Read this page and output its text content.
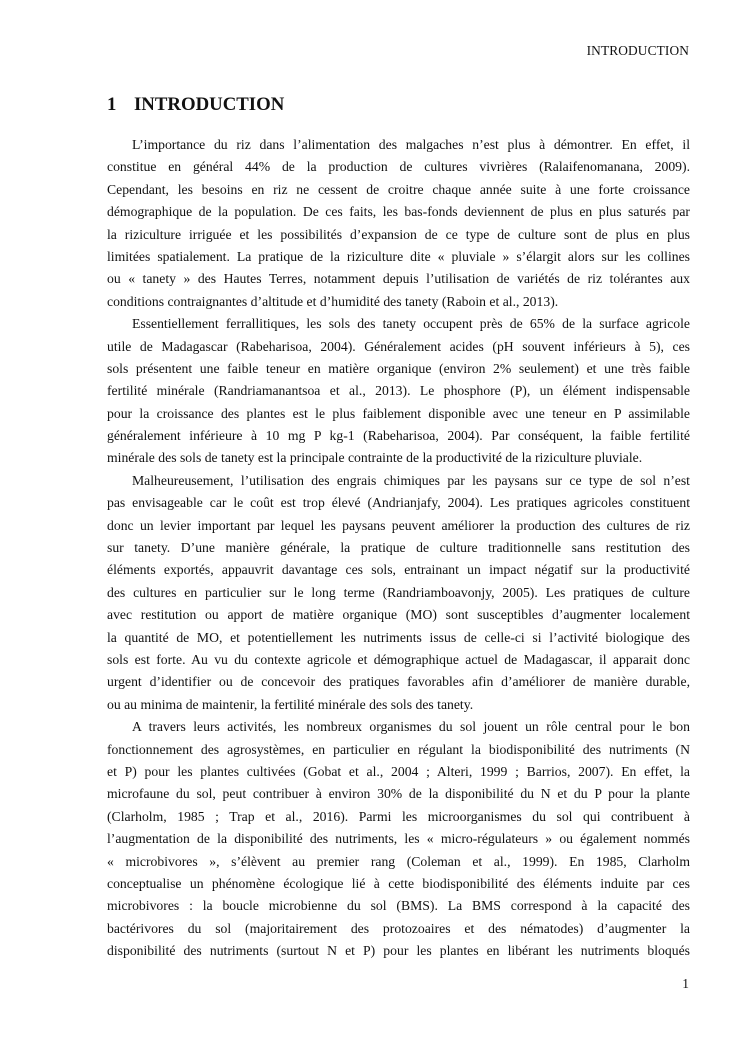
INTRODUCTION
1 INTRODUCTION
L’importance du riz dans l’alimentation des malgaches n’est plus à démontrer. En effet, il
constitue en général 44% de la production de cultures vivrières (Ralaifenomanana, 2009).
Cependant, les besoins en riz ne cessent de croitre chaque année suite à une forte croissance
démographique de la population. De ces faits, les bas-fonds deviennent de plus en plus saturés par
la riziculture irriguée et les possibilités d’expansion de ce type de culture sont de plus en plus
limitées spatialement. La pratique de la riziculture dite « pluviale » s’élargit alors sur les collines
ou « tanety » des Hautes Terres, notamment depuis l’utilisation de variétés de riz tolérantes aux
conditions contraignantes d’altitude et d’humidité des tanety (Raboin et al., 2013).
Essentiellement ferrallitiques, les sols des tanety occupent près de 65% de la surface agricole
utile de Madagascar (Rabeharisoa, 2004). Généralement acides (pH souvent inférieurs à 5), ces
sols présentent une faible teneur en matière organique (environ 2% seulement) et une très faible
fertilité minérale (Randriamanantsoa et al., 2013). Le phosphore (P), un élément indispensable
pour la croissance des plantes est le plus faiblement disponible avec une teneur en P assimilable
généralement inférieure à 10 mg P kg-1 (Rabeharisoa, 2004). Par conséquent, la faible fertilité
minérale des sols de tanety est la principale contrainte de la productivité de la riziculture pluviale.
Malheureusement, l’utilisation des engrais chimiques par les paysans sur ce type de sol n’est
pas envisageable car le coût est trop élevé (Andrianjafy, 2004). Les pratiques agricoles constituent
donc un levier important par lequel les paysans peuvent améliorer la production des cultures de riz
sur tanety. D’une manière générale, la pratique de culture traditionnelle sans restitution des
éléments exportés, appauvrit davantage ces sols, entrainant un impact négatif sur la productivité
des cultures en particulier sur le long terme (Randriamboavonjy, 2005). Les pratiques de culture
avec restitution ou apport de matière organique (MO) sont susceptibles d’augmenter localement
la quantité de MO, et potentiellement les nutriments issus de celle-ci si l’activité biologique des
sols est forte. Au vu du contexte agricole et démographique actuel de Madagascar, il apparait donc
urgent d’identifier ou de concevoir des pratiques favorables afin d’améliorer de manière durable,
ou au minima de maintenir, la fertilité minérale des sols des tanety.
A travers leurs activités, les nombreux organismes du sol jouent un rôle central pour le bon
fonctionnement des agrosystèmes, en particulier en régulant la biodisponibilité des nutriments (N
et P) pour les plantes cultivées (Gobat et al., 2004 ; Alteri, 1999 ; Barrios, 2007). En effet, la
microfaune du sol, peut contribuer à environ 30% de la disponibilité du N et du P pour la plante
(Clarholm, 1985 ; Trap et al., 2016). Parmi les microorganismes du sol qui contribuent à
l’augmentation de la disponibilité des nutriments, les « micro-régulateurs » ou également nommés
« microbivores », s’élèvent au premier rang (Coleman et al., 1999). En 1985, Clarholm
conceptualise un phénomène écologique lié à cette biodisponibilité des éléments induite par ces
microbivores : la boucle microbienne du sol (BMS). La BMS correspond à la capacité des
bactérivores du sol (majoritairement des protozoaires et des nématodes) d’augmenter la
disponibilité des nutriments (surtout N et P) pour les plantes en libérant les nutriments bloqués
1
